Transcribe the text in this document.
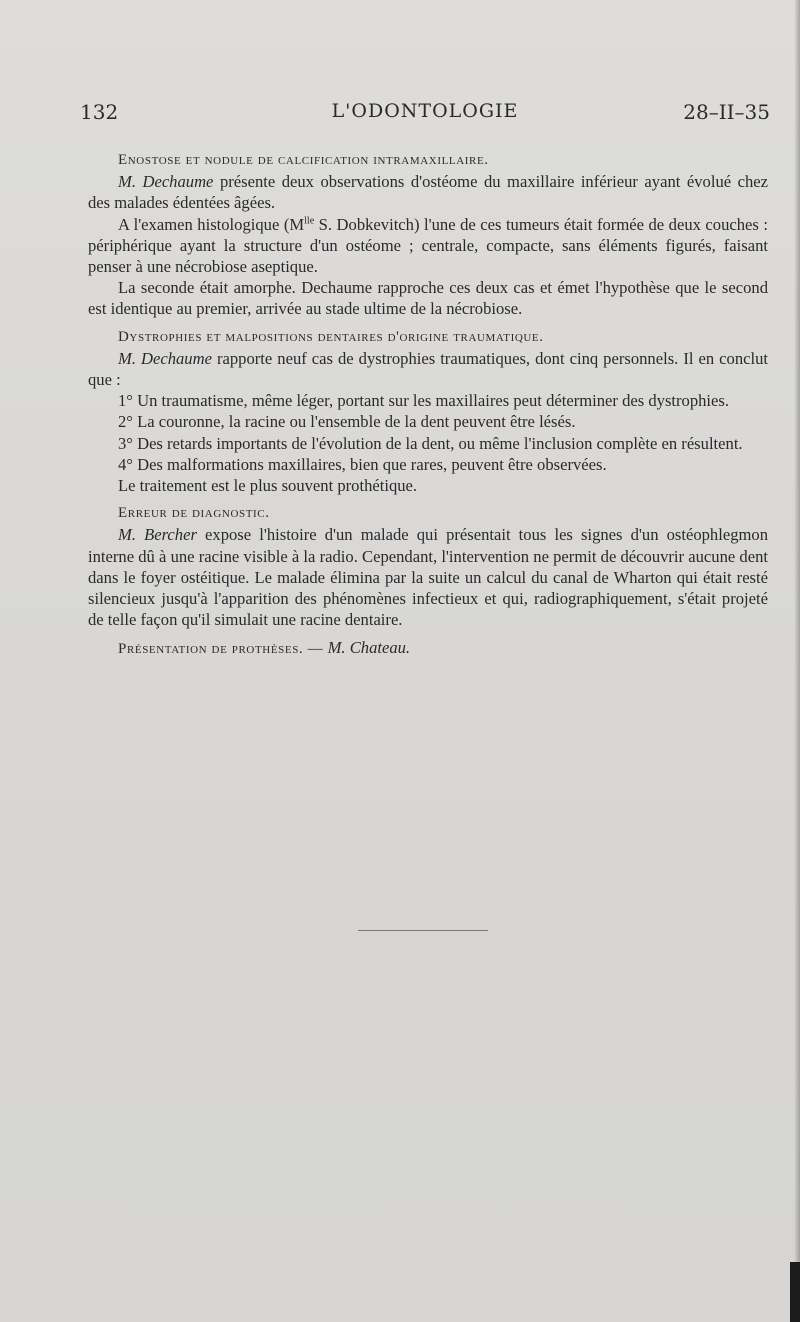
132	L'ODONTOLOGIE	28–II–35

Enostose et nodule de calcification intramaxillaire.

M. Dechaume présente deux observations d'ostéome du maxillaire inférieur ayant évolué chez des malades édentées âgées.

A l'examen histologique ($M^{lle}$ S. Dobkevitch) l'une de ces tumeurs était formée de deux couches : périphérique ayant la structure d'un ostéome ; centrale, compacte, sans éléments figurés, faisant penser à une nécrobiose aseptique.

La seconde était amorphe. Dechaume rapproche ces deux cas et émet l'hypothèse que le second est identique au premier, arrivée au stade ultime de la nécrobiose.

Dystrophies et malpositions dentaires d'origine traumatique.

M. Dechaume rapporte neuf cas de dystrophies traumatiques, dont cinq personnels. Il en conclut que :

1° Un traumatisme, même léger, portant sur les maxillaires peut déterminer des dystrophies.

2° La couronne, la racine ou l'ensemble de la dent peuvent être lésés.

3° Des retards importants de l'évolution de la dent, ou même l'inclusion complète en résultent.

4° Des malformations maxillaires, bien que rares, peuvent être observées.

Le traitement est le plus souvent prothétique.

Erreur de diagnostic.

M. Bercher expose l'histoire d'un malade qui présentait tous les signes d'un ostéophlegmon interne dû à une racine visible à la radio. Cependant, l'intervention ne permit de découvrir aucune dent dans le foyer ostéitique. Le malade élimina par la suite un calcul du canal de Wharton qui était resté silencieux jusqu'à l'apparition des phénomènes infectieux et qui, radiographiquement, s'était projeté de telle façon qu'il simulait une racine dentaire.

Présentation de prothèses. — M. Chateau.
